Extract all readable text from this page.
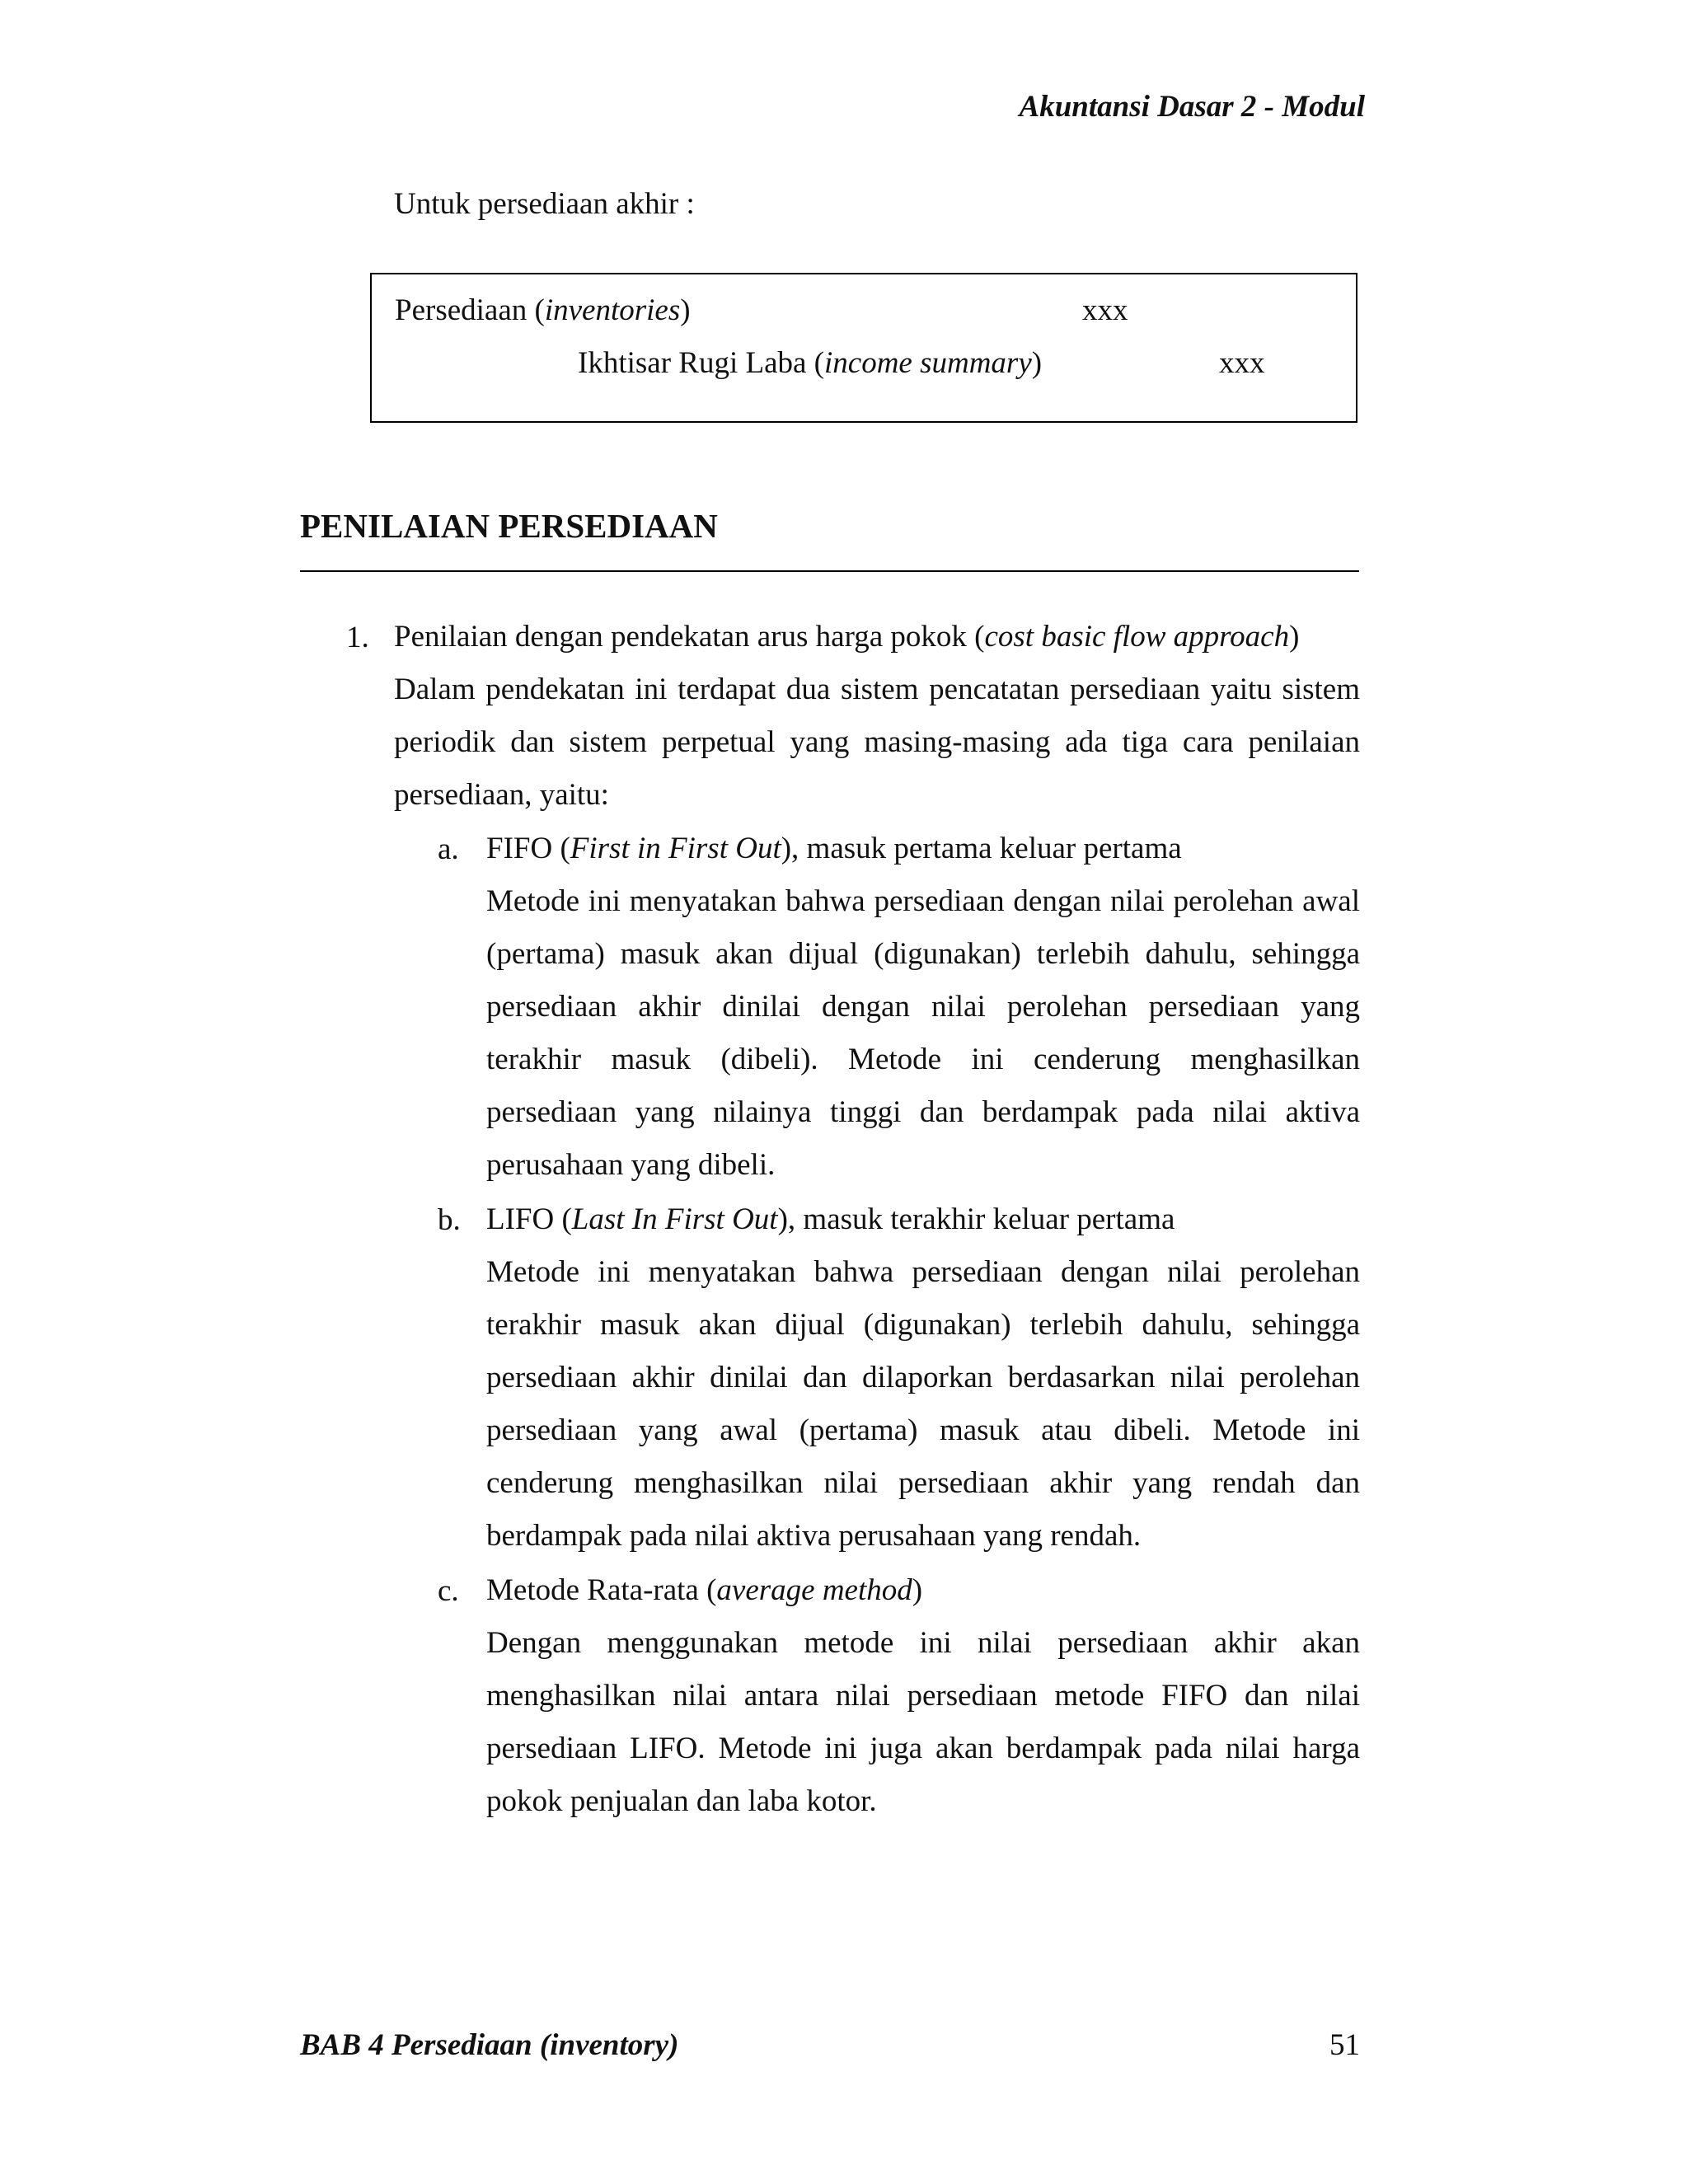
Akuntansi Dasar 2 - Modul
Untuk persediaan akhir :
Persediaan (inventories)	xxx
Ikhtisar Rugi Laba (income summary)	xxx
PENILAIAN PERSEDIAAN
1. Penilaian dengan pendekatan arus harga pokok (cost basic flow approach)
Dalam pendekatan ini terdapat dua sistem pencatatan persediaan yaitu sistem periodik dan sistem perpetual yang masing-masing ada tiga cara penilaian persediaan, yaitu:
a. FIFO (First in First Out), masuk pertama keluar pertama
Metode ini menyatakan bahwa persediaan dengan nilai perolehan awal (pertama) masuk akan dijual (digunakan) terlebih dahulu, sehingga persediaan akhir dinilai dengan nilai perolehan persediaan yang terakhir masuk (dibeli). Metode ini cenderung menghasilkan persediaan yang nilainya tinggi dan berdampak pada nilai aktiva perusahaan yang dibeli.
b. LIFO (Last In First Out), masuk terakhir keluar pertama
Metode ini menyatakan bahwa persediaan dengan nilai perolehan terakhir masuk akan dijual (digunakan) terlebih dahulu, sehingga persediaan akhir dinilai dan dilaporkan berdasarkan nilai perolehan persediaan yang awal (pertama) masuk atau dibeli. Metode ini cenderung menghasilkan nilai persediaan akhir yang rendah dan berdampak pada nilai aktiva perusahaan yang rendah.
c. Metode Rata-rata (average method)
Dengan menggunakan metode ini nilai persediaan akhir akan menghasilkan nilai antara nilai persediaan metode FIFO dan nilai persediaan LIFO. Metode ini juga akan berdampak pada nilai harga pokok penjualan dan laba kotor.
BAB 4 Persediaan (inventory)	51
